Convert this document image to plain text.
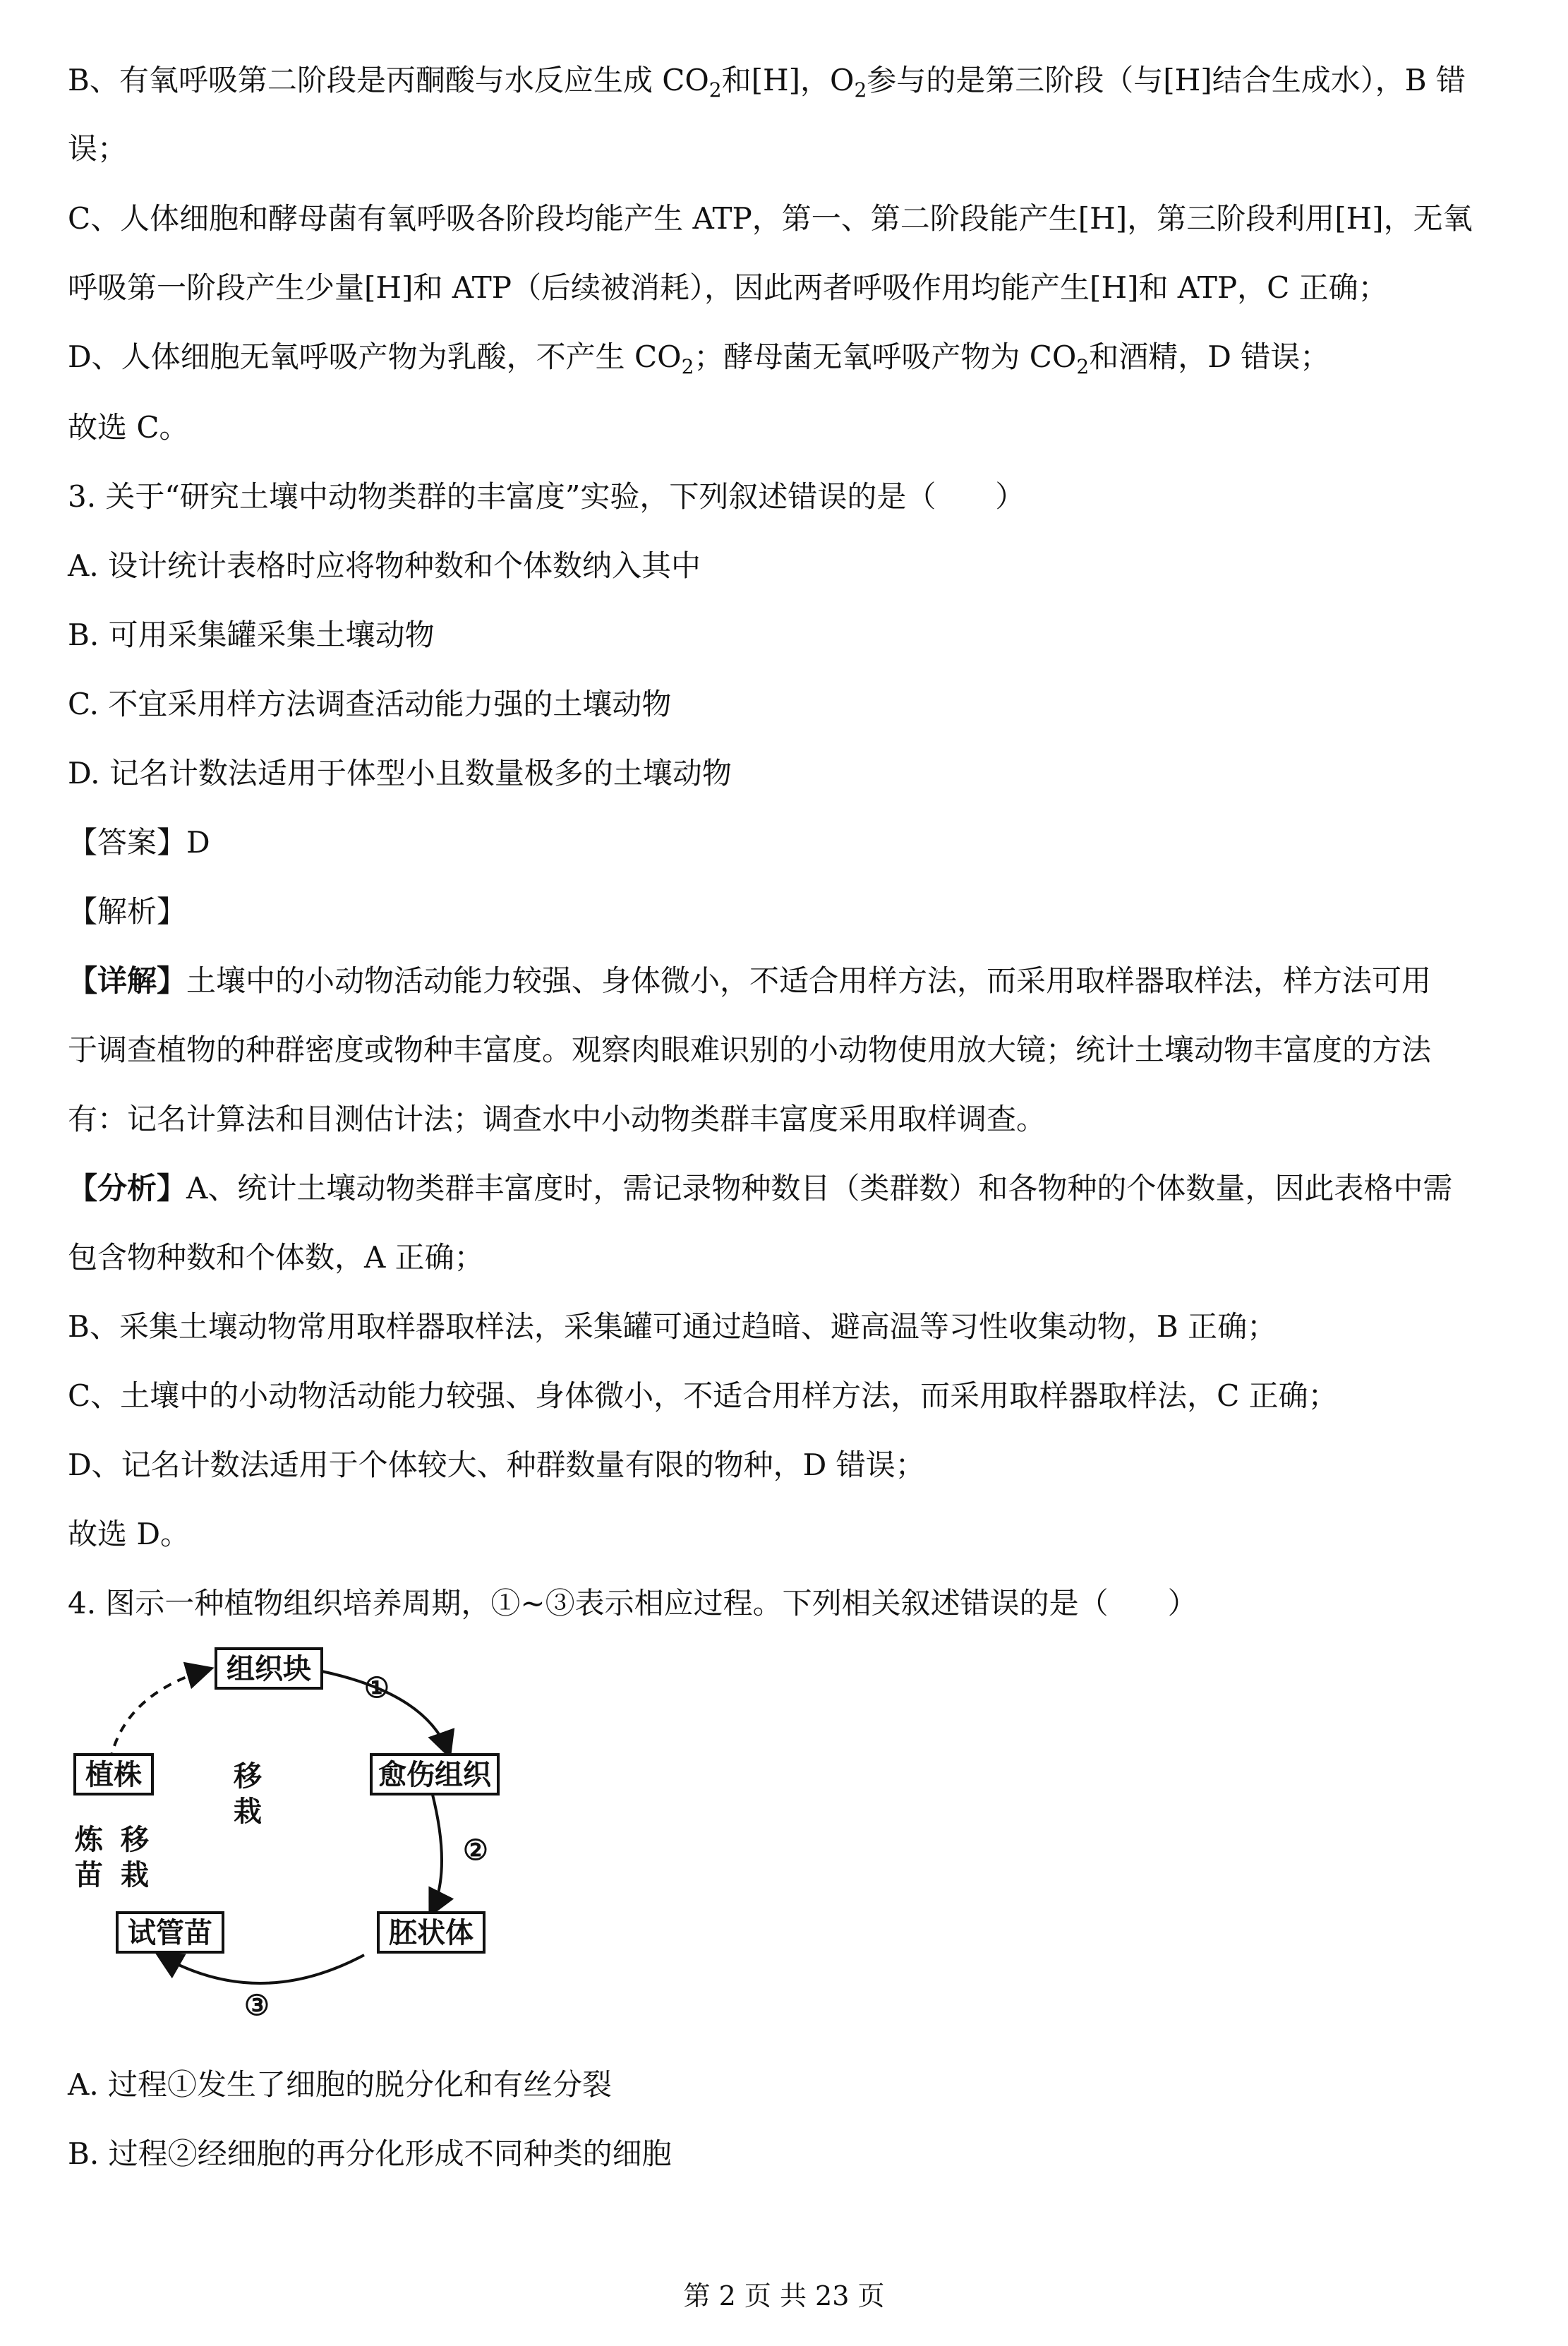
B、有氧呼吸第二阶段是丙酮酸与水反应生成 $CO_2$和[H]，$O_2$参与的是第三阶段（与[H]结合生成水），B 错
误；
C、人体细胞和酵母菌有氧呼吸各阶段均能产生 ATP，第一、第二阶段能产生[H]，第三阶段利用[H]，无氧
呼吸第一阶段产生少量[H]和 ATP（后续被消耗），因此两者呼吸作用均能产生[H]和 ATP，C 正确；
D、人体细胞无氧呼吸产物为乳酸，不产生 $CO_2$；酵母菌无氧呼吸产物为 $CO_2$和酒精，D 错误；
故选 C。
3. 关于“研究土壤中动物类群的丰富度”实验，下列叙述错误的是（　　）
A. 设计统计表格时应将物种数和个体数纳入其中
B. 可用采集罐采集土壤动物
C. 不宜采用样方法调查活动能力强的土壤动物
D. 记名计数法适用于体型小且数量极多的土壤动物
【答案】D
【解析】
【详解】土壤中的小动物活动能力较强、身体微小，不适合用样方法，而采用取样器取样法，样方法可用
于调查植物的种群密度或物种丰富度。观察肉眼难识别的小动物使用放大镜；统计土壤动物丰富度的方法
有：记名计算法和目测估计法；调查水中小动物类群丰富度采用取样调查。
【分析】A、统计土壤动物类群丰富度时，需记录物种数目（类群数）和各物种的个体数量，因此表格中需
包含物种数和个体数，A 正确；
B、采集土壤动物常用取样器取样法，采集罐可通过趋暗、避高温等习性收集动物，B 正确；
C、土壤中的小动物活动能力较强、身体微小，不适合用样方法，而采用取样器取样法，C 正确；
D、记名计数法适用于个体较大、种群数量有限的物种，D 错误；
故选 D。
4. 图示一种植物组织培养周期，①~③表示相应过程。下列相关叙述错误的是（　　）
组织块
愈伤组织
胚状体
试管苗
植株
①
②
③
移
栽
炼
苗
移
栽
A. 过程①发生了细胞的脱分化和有丝分裂
B. 过程②经细胞的再分化形成不同种类的细胞
第 2 页 共 23 页
